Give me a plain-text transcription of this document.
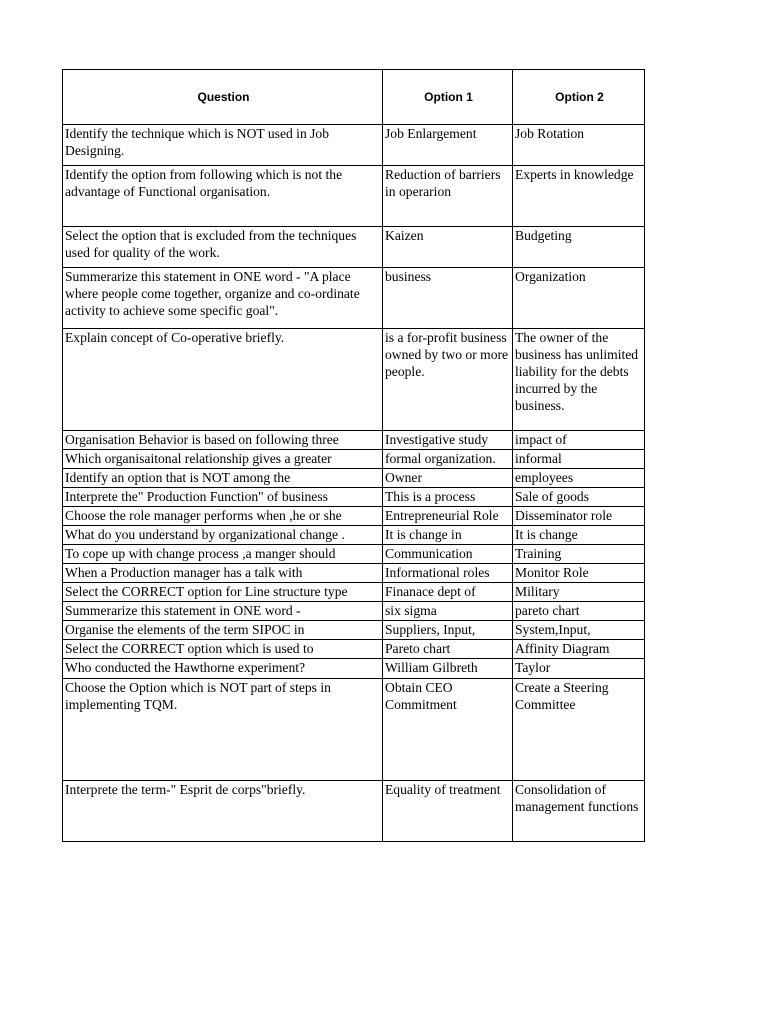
Question	Option 1	Option 2
Identify the technique which is NOT used in Job Designing.	Job Enlargement	Job Rotation
Identify the option from following which is not the advantage of Functional organisation.	Reduction of barriers in operarion	Experts in knowledge
Select the option that is excluded from the techniques used for quality of the work.	Kaizen	Budgeting
Summerarize this statement in ONE word - "A place where people come together, organize and co-ordinate activity to achieve some specific goal".	business	Organization
Explain concept of Co-operative briefly.	is a for-profit business owned by two or more people.	The owner of the business has unlimited liability for the debts incurred by the business.
Organisation Behavior is based on following three	Investigative study	impact of
Which organisaitonal relationship gives a greater	formal organization.	informal
Identify an option that is NOT among the	Owner	employees
Interprete the" Production Function" of business	This is a process	Sale of goods
Choose the role manager performs when ,he or she	Entrepreneurial Role	Disseminator role
What do you understand by organizational change .	It is change in	It is change
To cope up with change process ,a manger should	Communication	Training
When a Production manager has a talk with	Informational roles	Monitor Role
Select the CORRECT option for Line structure type	Finanace dept of	Military
Summerarize this statement in ONE word -	six sigma	pareto chart
Organise the elements of the term SIPOC in	Suppliers, Input,	System,Input,
Select the CORRECT option which is used to	Pareto chart	Affinity Diagram
Who conducted the Hawthorne experiment?	William Gilbreth	Taylor
Choose the Option which is NOT part of steps in implementing TQM.	Obtain CEO Commitment	Create a Steering Committee
Interprete the term-" Esprit de corps"briefly.	Equality of treatment	Consolidation of management functions
